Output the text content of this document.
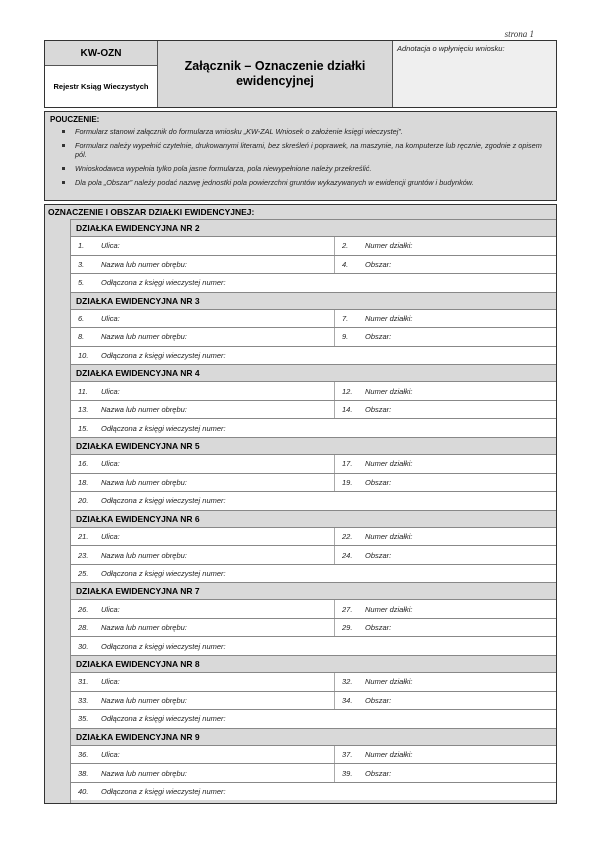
strona 1
KW-OZN
Rejestr Ksiąg Wieczystych
Załącznik – Oznaczenie działki ewidencyjnej
Adnotacja o wpłynięciu wniosku:
POUCZENIE:
Formularz stanowi załącznik do formularza wniosku „KW-ZAL Wniosek o założenie księgi wieczystej”.
Formularz należy wypełnić czytelnie, drukowanymi literami, bez skreśleń i poprawek, na maszynie, na komputerze lub ręcznie, zgodnie z opisem pól.
Wnioskodawca wypełnia tylko pola jasne formularza, pola niewypełnione należy przekreślić.
Dla pola „Obszar” należy podać nazwę jednostki pola powierzchni gruntów wykazywanych w ewidencji gruntów i budynków.
OZNACZENIE I OBSZAR DZIAŁKI EWIDENCYJNEJ:
DZIAŁKA EWIDENCYJNA NR 2
1.	Ulica:	2.	Numer działki:
3.	Nazwa lub numer obrębu:	4.	Obszar:
5.	Odłączona z księgi wieczystej numer:
DZIAŁKA EWIDENCYJNA NR 3
6.	Ulica:	7.	Numer działki:
8.	Nazwa lub numer obrębu:	9.	Obszar:
10.	Odłączona z księgi wieczystej numer:
DZIAŁKA EWIDENCYJNA NR 4
11.	Ulica:	12.	Numer działki:
13.	Nazwa lub numer obrębu:	14.	Obszar:
15.	Odłączona z księgi wieczystej numer:
DZIAŁKA EWIDENCYJNA NR 5
16.	Ulica:	17.	Numer działki:
18.	Nazwa lub numer obrębu:	19.	Obszar:
20.	Odłączona z księgi wieczystej numer:
DZIAŁKA EWIDENCYJNA NR 6
21.	Ulica:	22.	Numer działki:
23.	Nazwa lub numer obrębu:	24.	Obszar:
25.	Odłączona z księgi wieczystej numer:
DZIAŁKA EWIDENCYJNA NR 7
26.	Ulica:	27.	Numer działki:
28.	Nazwa lub numer obrębu:	29.	Obszar:
30.	Odłączona z księgi wieczystej numer:
DZIAŁKA EWIDENCYJNA NR 8
31.	Ulica:	32.	Numer działki:
33.	Nazwa lub numer obrębu:	34.	Obszar:
35.	Odłączona z księgi wieczystej numer:
DZIAŁKA EWIDENCYJNA NR 9
36.	Ulica:	37.	Numer działki:
38.	Nazwa lub numer obrębu:	39.	Obszar:
40.	Odłączona z księgi wieczystej numer:
